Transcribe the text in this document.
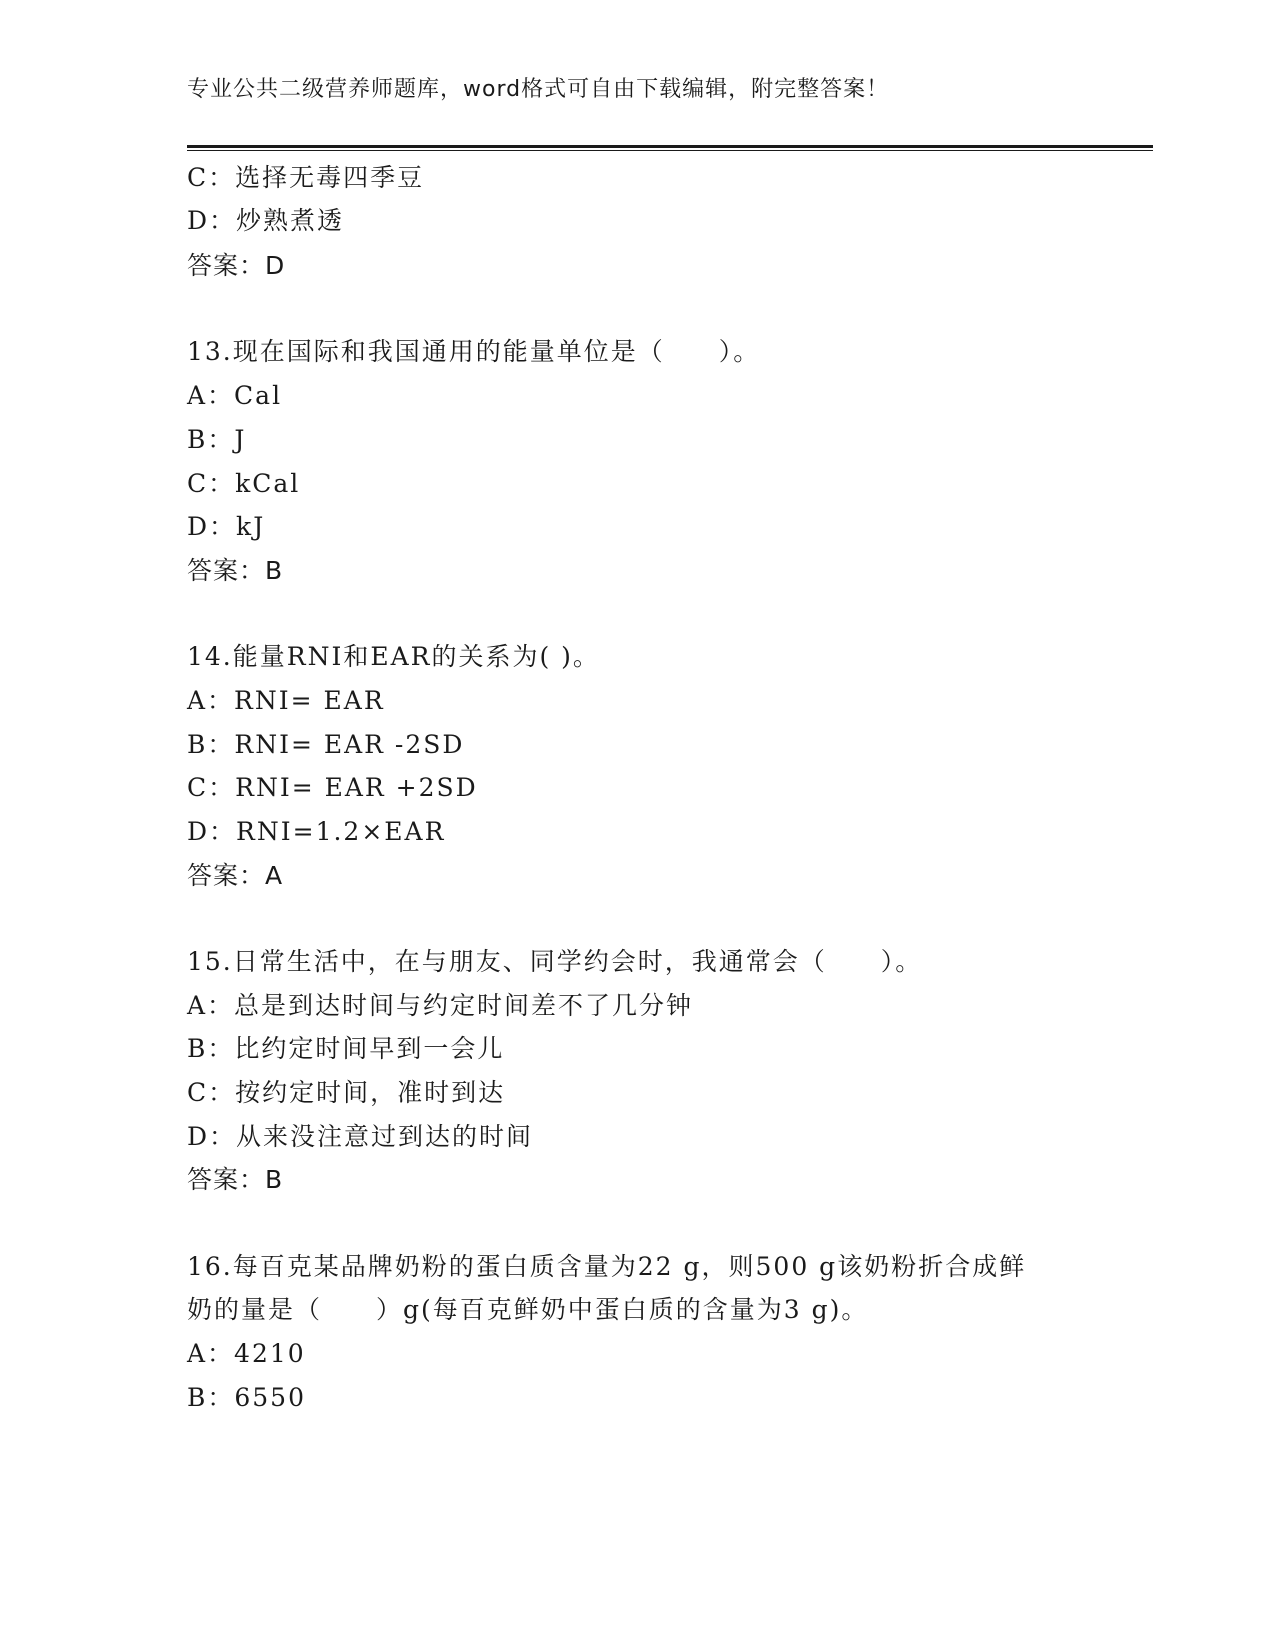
专业公共二级营养师题库，word格式可自由下载编辑，附完整答案！
C：选择无毒四季豆
D：炒熟煮透
答案：D
13.现在国际和我国通用的能量单位是（　　）。
A：Cal
B：J
C：kCal
D：kJ
答案：B
14.能量RNI和EAR的关系为( )。
A：RNI= EAR
B：RNI= EAR -2SD
C：RNI= EAR +2SD
D：RNI=1.2×EAR
答案：A
15.日常生活中，在与朋友、同学约会时，我通常会（　　）。
A：总是到达时间与约定时间差不了几分钟
B：比约定时间早到一会儿
C：按约定时间，准时到达
D：从来没注意过到达的时间
答案：B
16.每百克某品牌奶粉的蛋白质含量为22 g，则500 g该奶粉折合成鲜
奶的量是（　　）g(每百克鲜奶中蛋白质的含量为3 g)。
A：4210
B：6550
